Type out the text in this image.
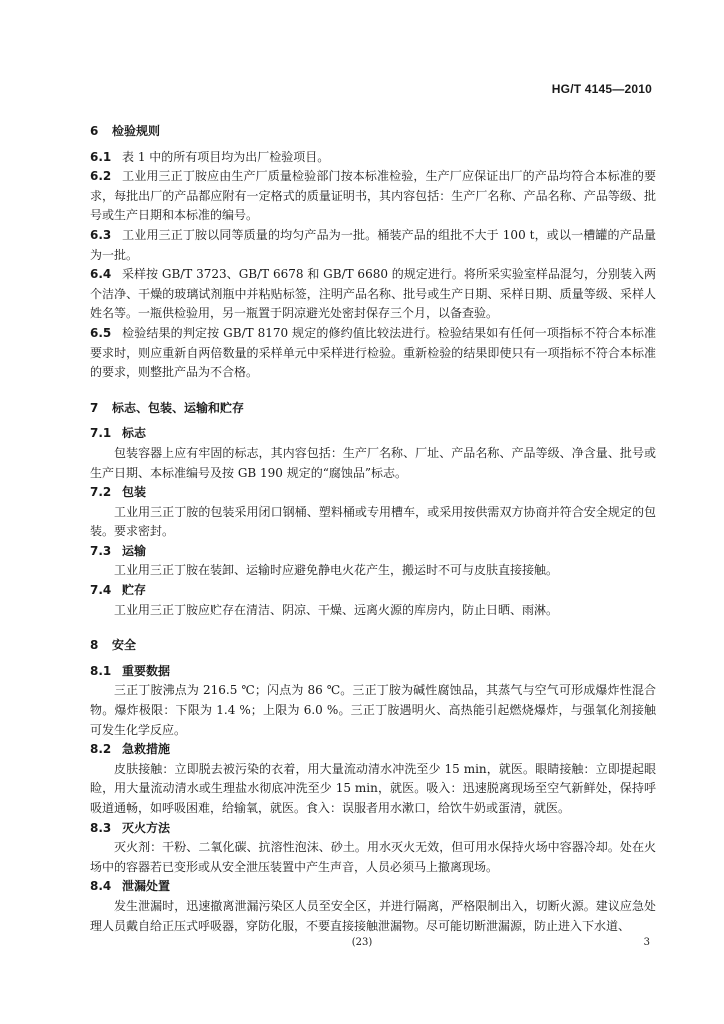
HG/T 4145—2010
6 检验规则
6.1 表 1 中的所有项目均为出厂检验项目。
6.2 工业用三正丁胺应由生产厂质量检验部门按本标准检验，生产厂应保证出厂的产品均符合本标准的要求，每批出厂的产品都应附有一定格式的质量证明书，其内容包括：生产厂名称、产品名称、产品等级、批号或生产日期和本标准的编号。
6.3 工业用三正丁胺以同等质量的均匀产品为一批。桶装产品的组批不大于 100 t，或以一槽罐的产品量为一批。
6.4 采样按 GB/T 3723、GB/T 6678 和 GB/T 6680 的规定进行。将所采实验室样品混匀，分别装入两个洁净、干燥的玻璃试剂瓶中并粘贴标签，注明产品名称、批号或生产日期、采样日期、质量等级、采样人姓名等。一瓶供检验用，另一瓶置于阴凉避光处密封保存三个月，以备查验。
6.5 检验结果的判定按 GB/T 8170 规定的修约值比较法进行。检验结果如有任何一项指标不符合本标准要求时，则应重新自两倍数量的采样单元中采样进行检验。重新检验的结果即使只有一项指标不符合本标准的要求，则整批产品为不合格。
7 标志、包装、运输和贮存
7.1 标志
包装容器上应有牢固的标志，其内容包括：生产厂名称、厂址、产品名称、产品等级、净含量、批号或生产日期、本标准编号及按 GB 190 规定的“腐蚀品”标志。
7.2 包装
工业用三正丁胺的包装采用闭口钢桶、塑料桶或专用槽车，或采用按供需双方协商并符合安全规定的包装。要求密封。
7.3 运输
工业用三正丁胺在装卸、运输时应避免静电火花产生，搬运时不可与皮肤直接接触。
7.4 贮存
工业用三正丁胺应贮存在清洁、阴凉、干燥、远离火源的库房内，防止日晒、雨淋。
8 安全
8.1 重要数据
三正丁胺沸点为 216.5 ℃；闪点为 86 ℃。三正丁胺为碱性腐蚀品，其蒸气与空气可形成爆炸性混合物。爆炸极限：下限为 1.4 %；上限为 6.0 %。三正丁胺遇明火、高热能引起燃烧爆炸，与强氧化剂接触可发生化学反应。
8.2 急救措施
皮肤接触：立即脱去被污染的衣着，用大量流动清水冲洗至少 15 min，就医。眼睛接触：立即提起眼睑，用大量流动清水或生理盐水彻底冲洗至少 15 min，就医。吸入：迅速脱离现场至空气新鲜处，保持呼吸道通畅，如呼吸困难，给输氧，就医。食入：误服者用水漱口，给饮牛奶或蛋清，就医。
8.3 灭火方法
灭火剂：干粉、二氧化碳、抗溶性泡沫、砂土。用水灭火无效，但可用水保持火场中容器冷却。处在火场中的容器若已变形或从安全泄压装置中产生声音，人员必须马上撤离现场。
8.4 泄漏处置
发生泄漏时，迅速撤离泄漏污染区人员至安全区，并进行隔离，严格限制出入，切断火源。建议应急处理人员戴自给正压式呼吸器，穿防化服，不要直接接触泄漏物。尽可能切断泄漏源，防止进入下水道、
(23)	3
